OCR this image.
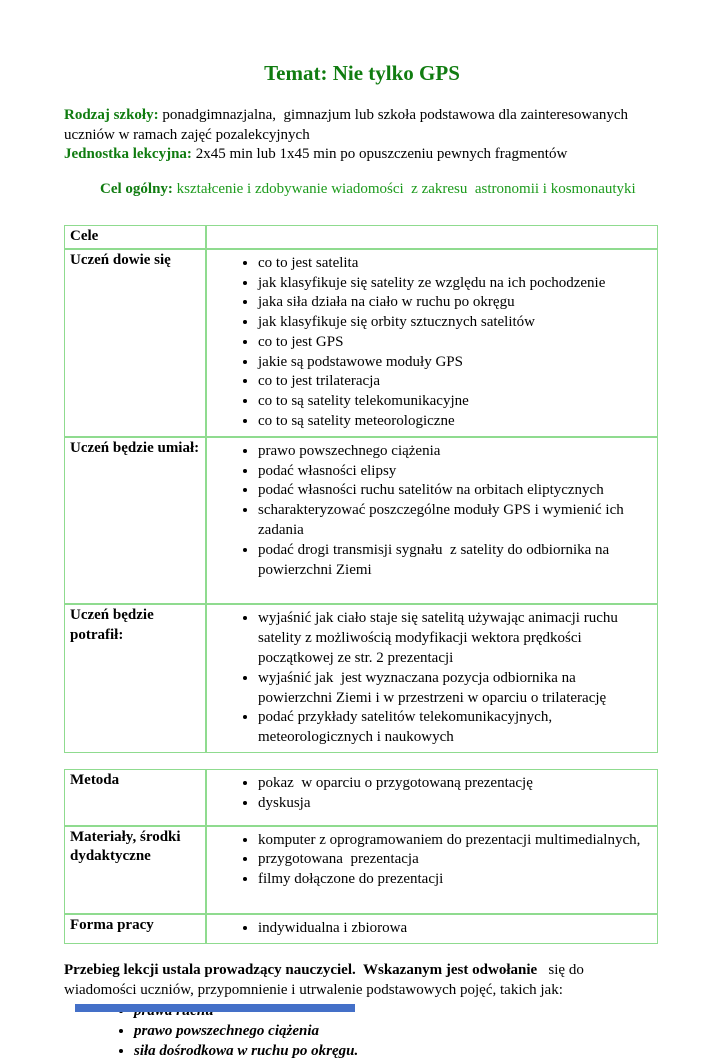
Temat: Nie tylko GPS
Rodzaj szkoły: ponadgimnazjalna,  gimnazjum lub szkoła podstawowa dla zainteresowanych uczniów w ramach zajęć pozalekcyjnych
Jednostka lekcyjna: 2x45 min lub 1x45 min po opuszczeniu pewnych fragmentów
Cel ogólny: kształcenie i zdobywanie wiadomości  z zakresu  astronomii i kosmonautyki
Cele	
Uczeń dowie się	
•co to jest satelita
• jak klasyfikuje się satelity ze względu na ich pochodzenie
• jaka siła działa na ciało w ruchu po okręgu
• jak klasyfikuje się orbity sztucznych satelitów
• co to jest GPS
• jakie są podstawowe moduły GPS
• co to jest trilateracja
• co to są satelity telekomunikacyjne
• co to są satelity meteorologiczne

Uczeń będzie umiał:	
•prawo powszechnego ciążenia
• podać własności elipsy
• podać własności ruchu satelitów na orbitach eliptycznych
• scharakteryzować poszczególne moduły GPS i wymienić ich zadania
• podać drogi transmisji sygnału  z satelity do odbiornika na powierzchni Ziemi

Uczeń będzie potrafił:	
• wyjaśnić jak ciało staje się satelitą używając animacji ruchu satelity z możliwością modyfikacji wektora prędkości początkowej ze str. 2 prezentacji
• wyjaśnić jak  jest wyznaczana pozycja odbiornika na powierzchni Ziemi i w przestrzeni w oparciu o trilaterację
• podać przykłady satelitów telekomunikacyjnych, meteorologicznych i naukowych
Metoda	
•pokaz  w oparciu o przygotowaną prezentację
• dyskusja

Materiały, środki dydaktyczne	
• komputer z oprogramowaniem do prezentacji multimedialnych,
• przygotowana  prezentacja
• filmy dołączone do prezentacji

Forma pracy	
•indywidualna i zbiorowa
Przebieg lekcji ustala prowadzący nauczyciel.  Wskazanym jest odwołanie   się do wiadomości uczniów, przypomnienie i utrwalenie podstawowych pojęć, takich jak:
•
• prawo powszechnego ciążenia
• siła dośrodkowa w ruchu po okręgu.
